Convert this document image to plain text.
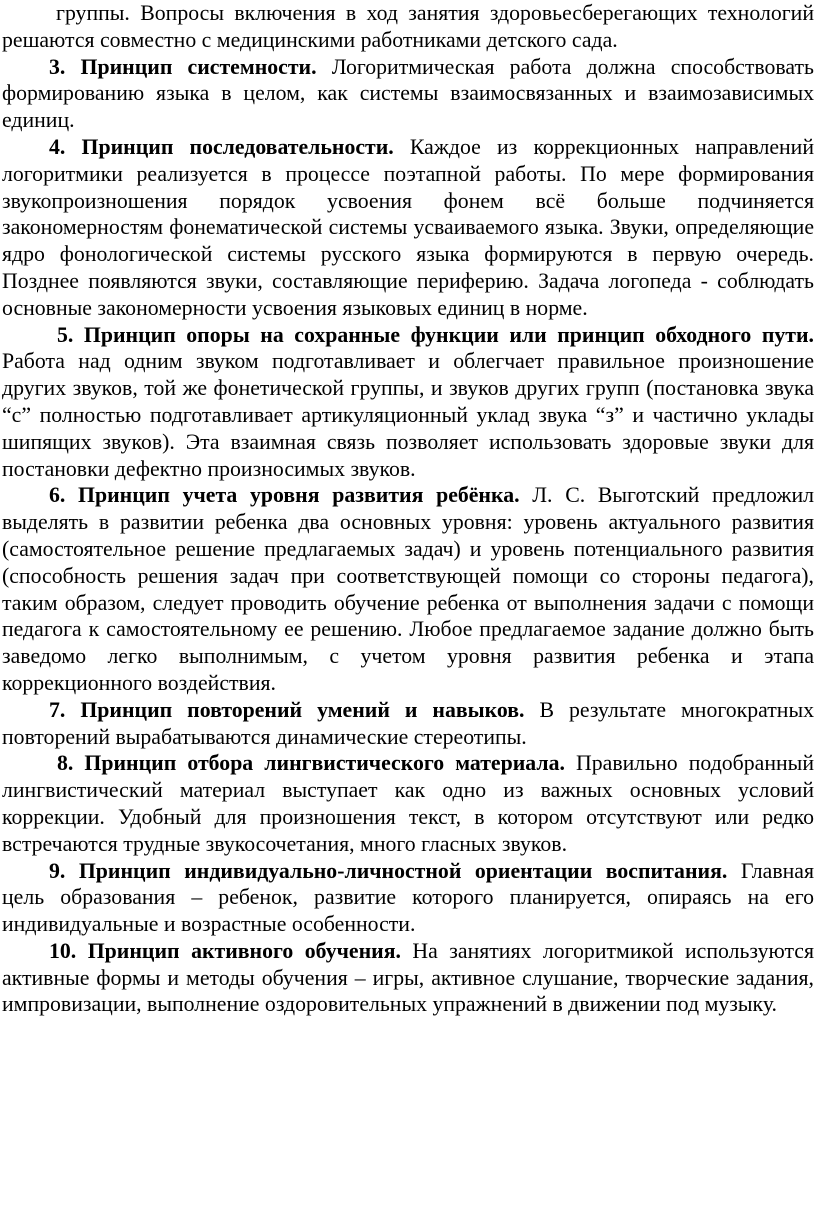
группы. Вопросы включения в ход занятия здоровьесберегающих технологий решаются совместно с медицинскими работниками детского сада.

3. Принцип системности. Логоритмическая работа должна способствовать формированию языка в целом, как системы взаимосвязанных и взаимозависимых единиц.

4. Принцип последовательности. Каждое из коррекционных направлений логоритмики реализуется в процессе поэтапной работы. По мере формирования звукопроизношения порядок усвоения фонем всё больше подчиняется закономерностям фонематической системы усваиваемого языка. Звуки, определяющие ядро фонологической системы русского языка формируются в первую очередь. Позднее появляются звуки, составляющие периферию. Задача логопеда - соблюдать основные закономерности усвоения языковых единиц в норме.

5. Принцип опоры на сохранные функции или принцип обходного пути. Работа над одним звуком подготавливает и облегчает правильное произношение других звуков, той же фонетической группы, и звуков других групп (постановка звука “с” полностью подготавливает артикуляционный уклад звука “з” и частично уклады шипящих звуков). Эта взаимная связь позволяет использовать здоровые звуки для постановки дефектно произносимых звуков.

6. Принцип учета уровня развития ребёнка. Л. С. Выготский предложил выделять в развитии ребенка два основных уровня: уровень актуального развития (самостоятельное решение предлагаемых задач) и уровень потенциального развития (способность решения задач при соответствующей помощи со стороны педагога), таким образом, следует проводить обучение ребенка от выполнения задачи с помощи педагога к самостоятельному ее решению. Любое предлагаемое задание должно быть заведомо легко выполнимым, с учетом уровня развития ребенка и этапа коррекционного воздействия.

7. Принцип повторений умений и навыков. В результате многократных повторений вырабатываются динамические стереотипы.

8. Принцип отбора лингвистического материала. Правильно подобранный лингвистический материал выступает как одно из важных основных условий коррекции. Удобный для произношения текст, в котором отсутствуют или редко встречаются трудные звукосочетания, много гласных звуков.

9. Принцип индивидуально-личностной ориентации воспитания. Главная цель образования – ребенок, развитие которого планируется, опираясь на его индивидуальные и возрастные особенности.

10. Принцип активного обучения. На занятиях логоритмикой используются активные формы и методы обучения – игры, активное слушание, творческие задания, импровизации, выполнение оздоровительных упражнений в движении под музыку.
